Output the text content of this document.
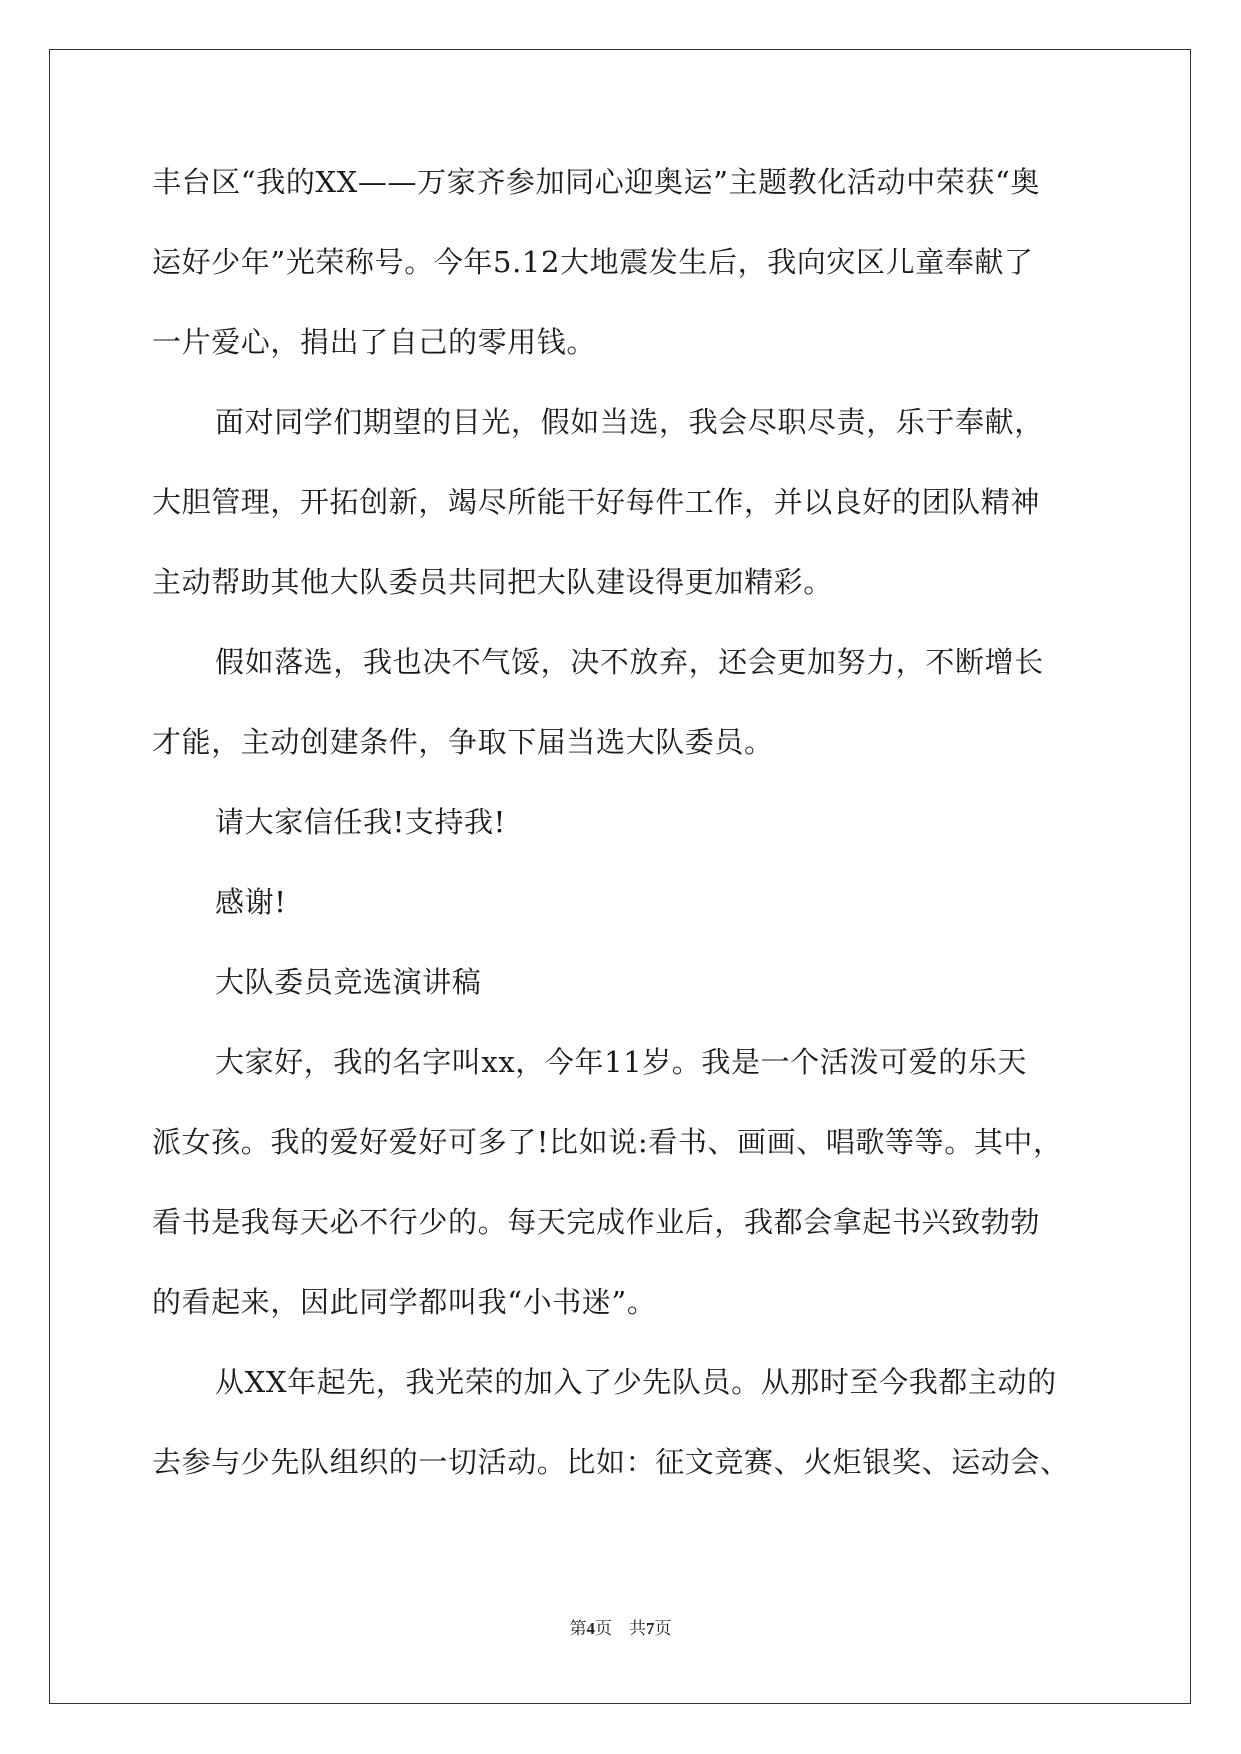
丰台区“我的XX——万家齐参加同心迎奥运”主题教化活动中荣获“奥
运好少年”光荣称号。今年5.12大地震发生后，我向灾区儿童奉献了
一片爱心，捐出了自己的零用钱。
面对同学们期望的目光，假如当选，我会尽职尽责，乐于奉献，
大胆管理，开拓创新，竭尽所能干好每件工作，并以良好的团队精神
主动帮助其他大队委员共同把大队建设得更加精彩。
假如落选，我也决不气馁，决不放弃，还会更加努力，不断增长
才能，主动创建条件，争取下届当选大队委员。
请大家信任我!支持我!
感谢!
大队委员竞选演讲稿
大家好，我的名字叫xx，今年11岁。我是一个活泼可爱的乐天
派女孩。我的爱好爱好可多了!比如说:看书、画画、唱歌等等。其中，
看书是我每天必不行少的。每天完成作业后，我都会拿起书兴致勃勃
的看起来，因此同学都叫我“小书迷”。
从XX年起先，我光荣的加入了少先队员。从那时至今我都主动的
去参与少先队组织的一切活动。比如：征文竞赛、火炬银奖、运动会、
第4页 共7页
